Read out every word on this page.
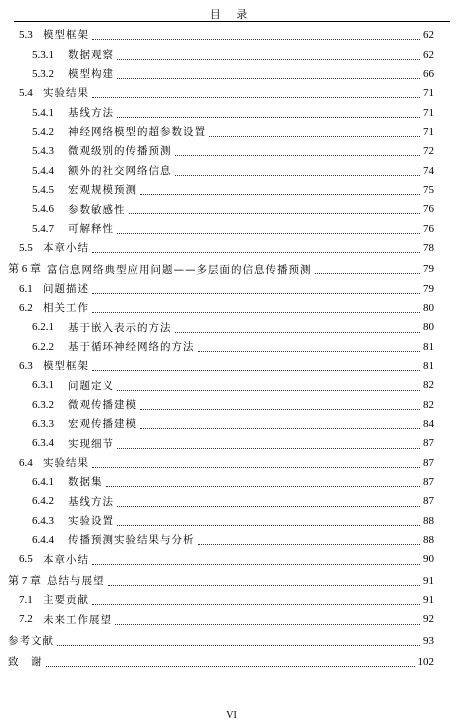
目 录
5.3 模型框架	62
5.3.1	数据观察	62
5.3.2	模型构建	66
5.4 实验结果	71
5.4.1	基线方法	71
5.4.2	神经网络模型的超参数设置	71
5.4.3	微观级别的传播预测	72
5.4.4	额外的社交网络信息	74
5.4.5	宏观规模预测	75
5.4.6	参数敏感性	76
5.4.7	可解释性	76
5.5 本章小结	78
第 6 章 富信息网络典型应用问题——多层面的信息传播预测	79
6.1 问题描述	79
6.2 相关工作	80
6.2.1	基于嵌入表示的方法	80
6.2.2	基于循环神经网络的方法	81
6.3 模型框架	81
6.3.1	问题定义	82
6.3.2	微观传播建模	82
6.3.3	宏观传播建模	84
6.3.4	实现细节	87
6.4 实验结果	87
6.4.1	数据集	87
6.4.2	基线方法	87
6.4.3	实验设置	88
6.4.4	传播预测实验结果与分析	88
6.5 本章小结	90
第 7 章 总结与展望	91
7.1 主要贡献	91
7.2 未来工作展望	92
参考文献	93
致　谢	102
VI
